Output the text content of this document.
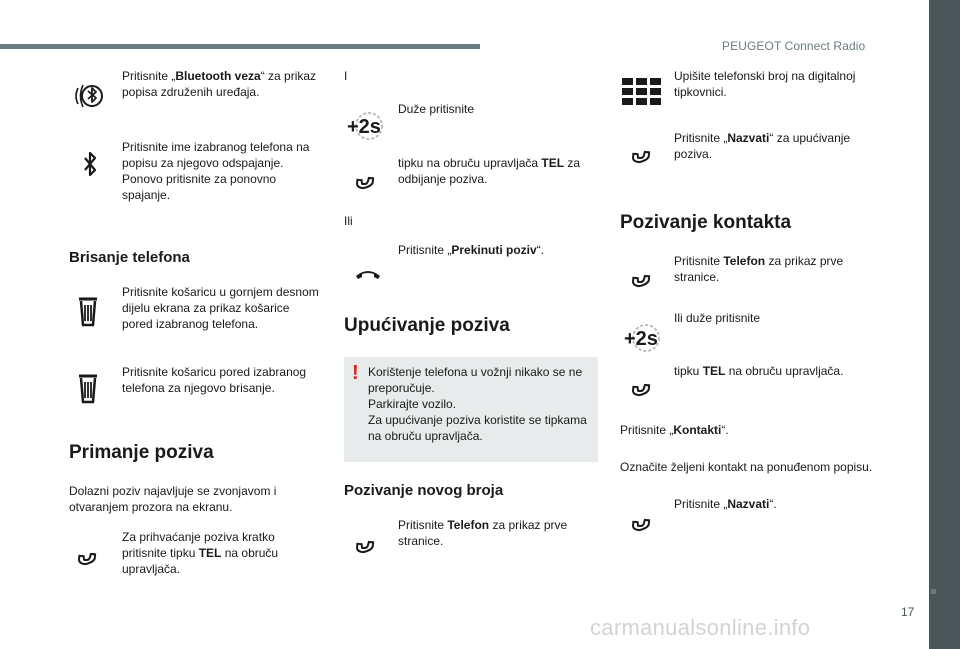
PEUGEOT Connect Radio
17
carmanualsonline.info
Pritisnite „Bluetooth veza“ za prikaz popisa združenih uređaja.
Pritisnite ime izabranog telefona na popisu za njegovo odspajanje. Ponovo pritisnite za ponovno spajanje.
Brisanje telefona
Pritisnite košaricu u gornjem desnom dijelu ekrana za prikaz košarice pored izabranog telefona.
Pritisnite košaricu pored izabranog telefona za njegovo brisanje.
Primanje poziva
Dolazni poziv najavljuje se zvonjavom i otvaranjem prozora na ekranu.
Za prihvaćanje poziva kratko pritisnite tipku TEL na obruču upravljača.
I
Duže pritisnite
tipku na obruču upravljača TEL za odbijanje poziva.
Ili
Pritisnite „Prekinuti poziv“.
Upućivanje poziva
! Korištenje telefona u vožnji nikako se ne preporučuje.
Parkirajte vozilo.
Za upućivanje poziva koristite se tipkama na obruču upravljača.
Pozivanje novog broja
Pritisnite Telefon za prikaz prve stranice.
Upišite telefonski broj na digitalnoj tipkovnici.
Pritisnite „Nazvati“ za upućivanje poziva.
Pozivanje kontakta
Pritisnite Telefon za prikaz prve stranice.
Ili duže pritisnite
tipku TEL na obruču upravljača.
Pritisnite „Kontakti“.
Označite željeni kontakt na ponuđenom popisu.
Pritisnite „Nazvati“.
